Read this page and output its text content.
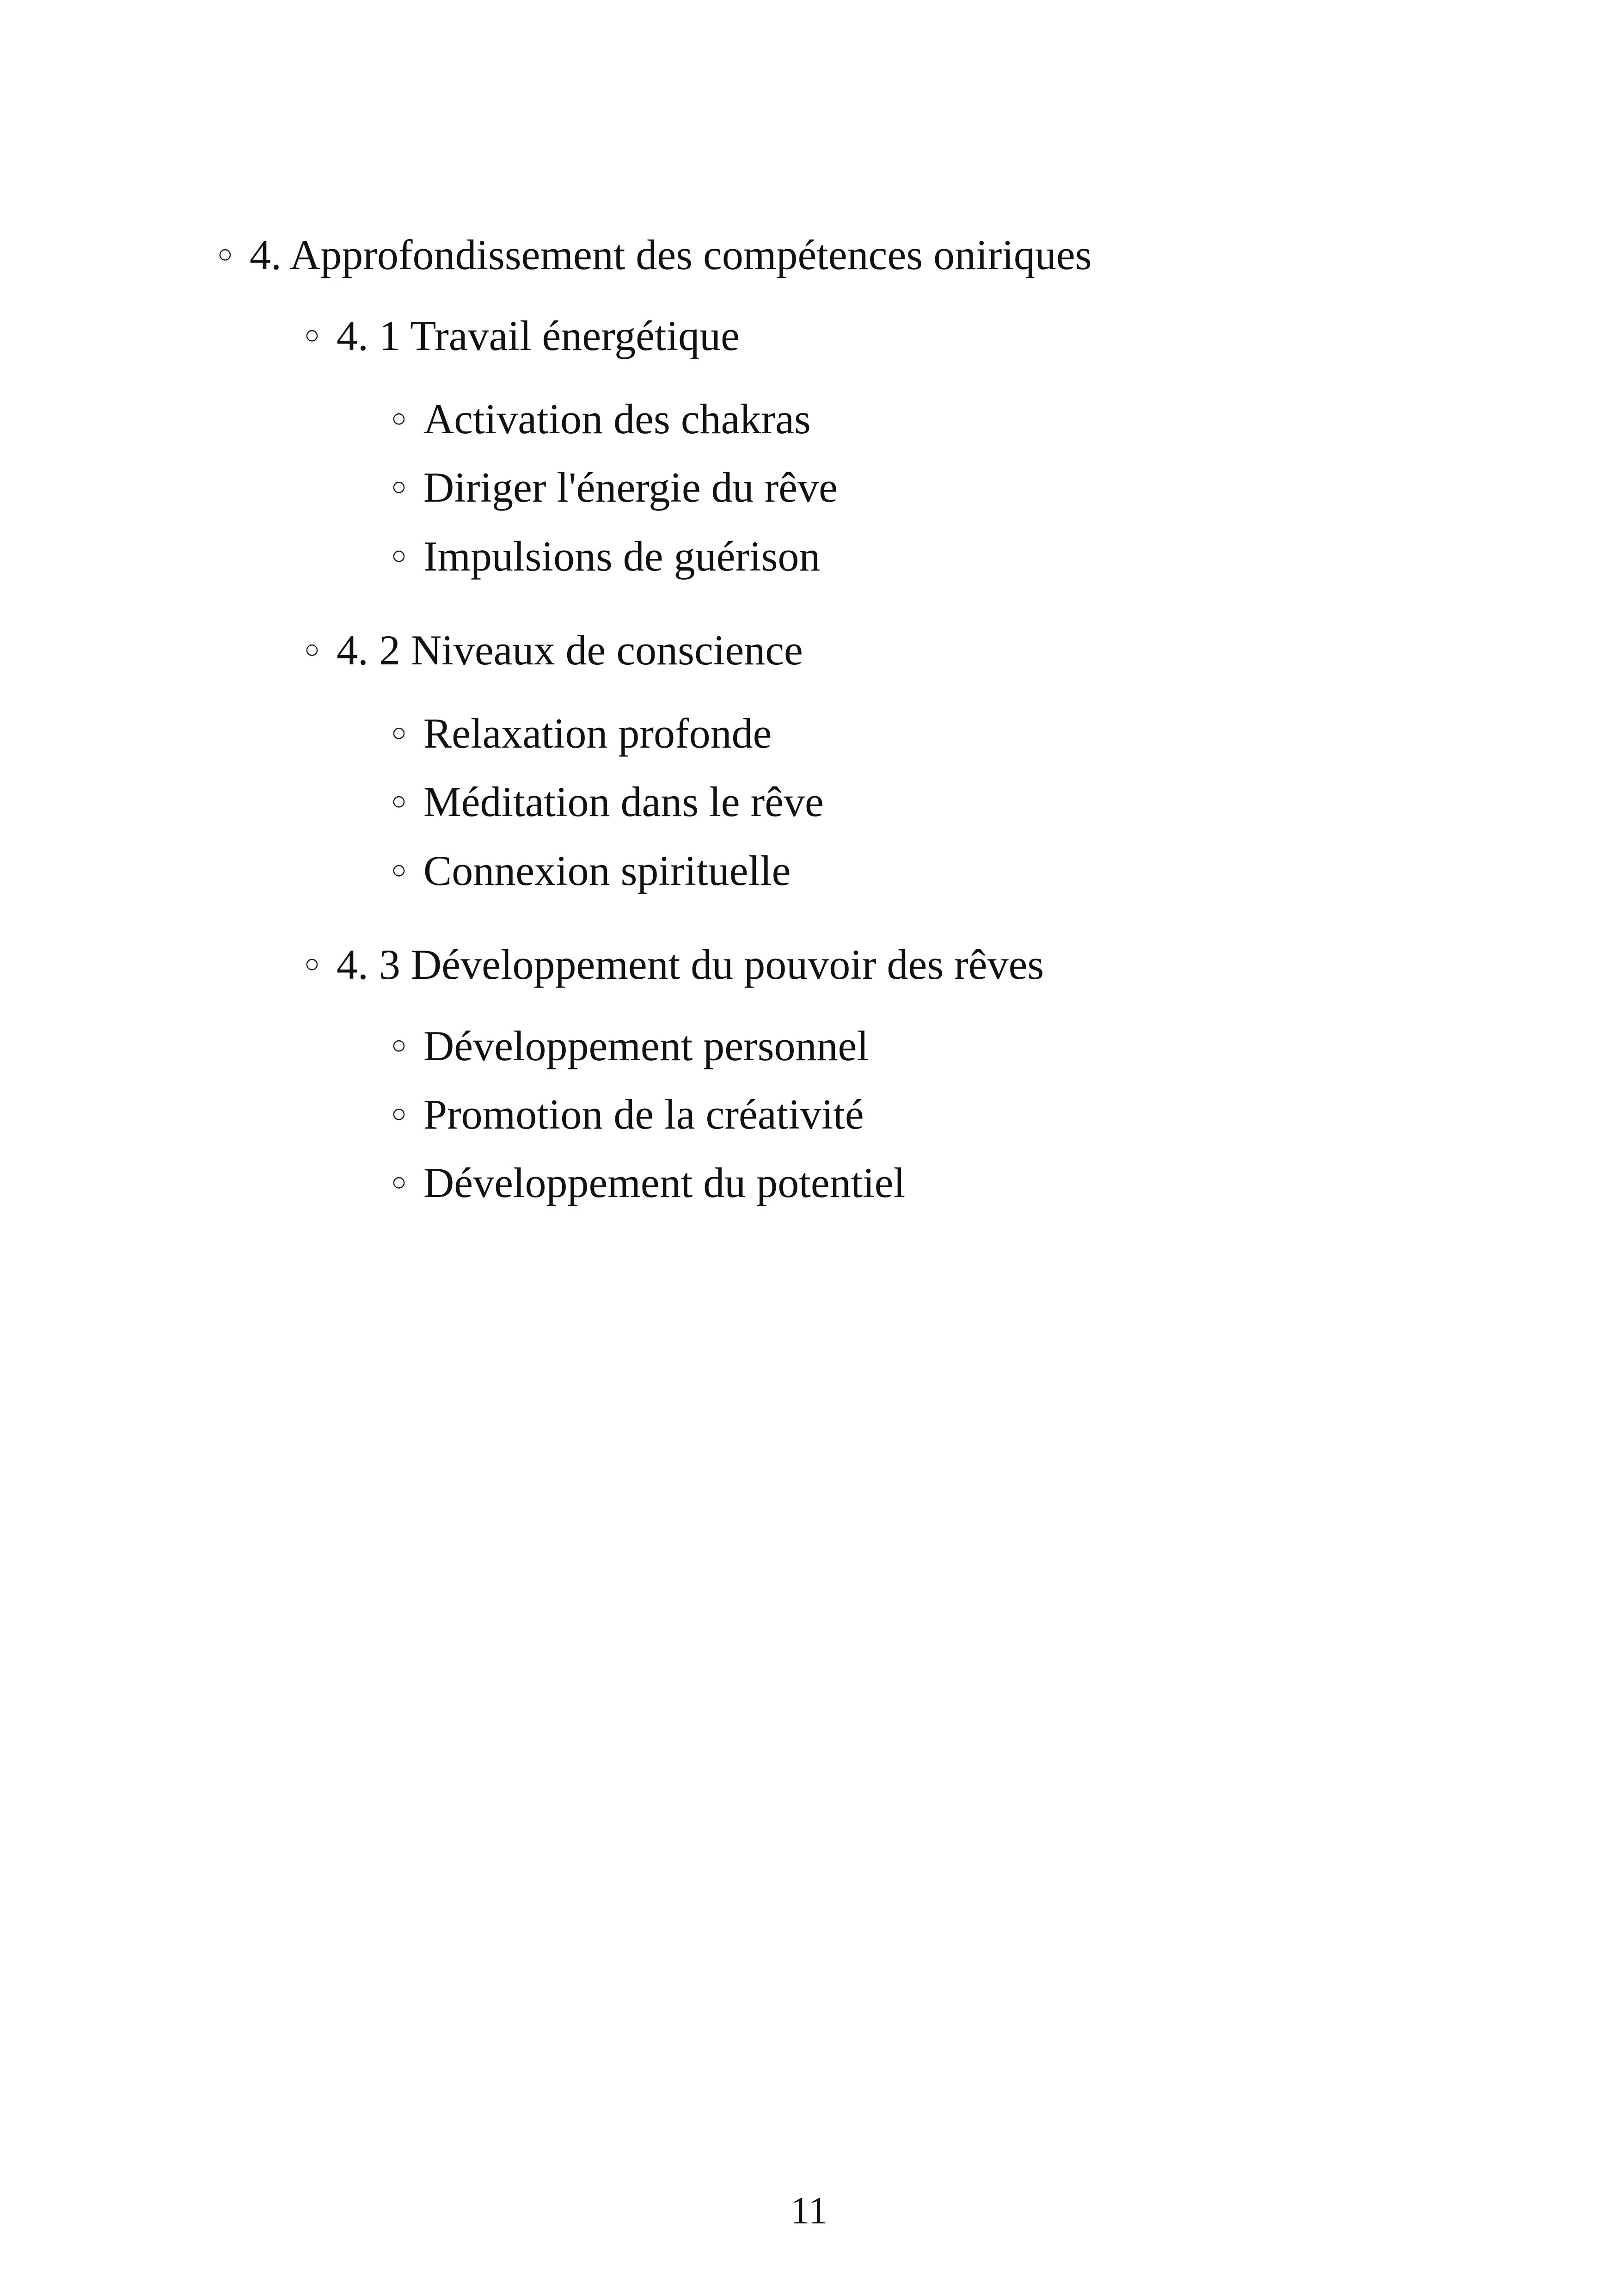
○ 4. Approfondissement des compétences oniriques
○ 4. 1 Travail énergétique
○ Activation des chakras
○ Diriger l'énergie du rêve
○ Impulsions de guérison
○ 4. 2 Niveaux de conscience
○ Relaxation profonde
○ Méditation dans le rêve
○ Connexion spirituelle
○ 4. 3 Développement du pouvoir des rêves
○ Développement personnel
○ Promotion de la créativité
○ Développement du potentiel
11
